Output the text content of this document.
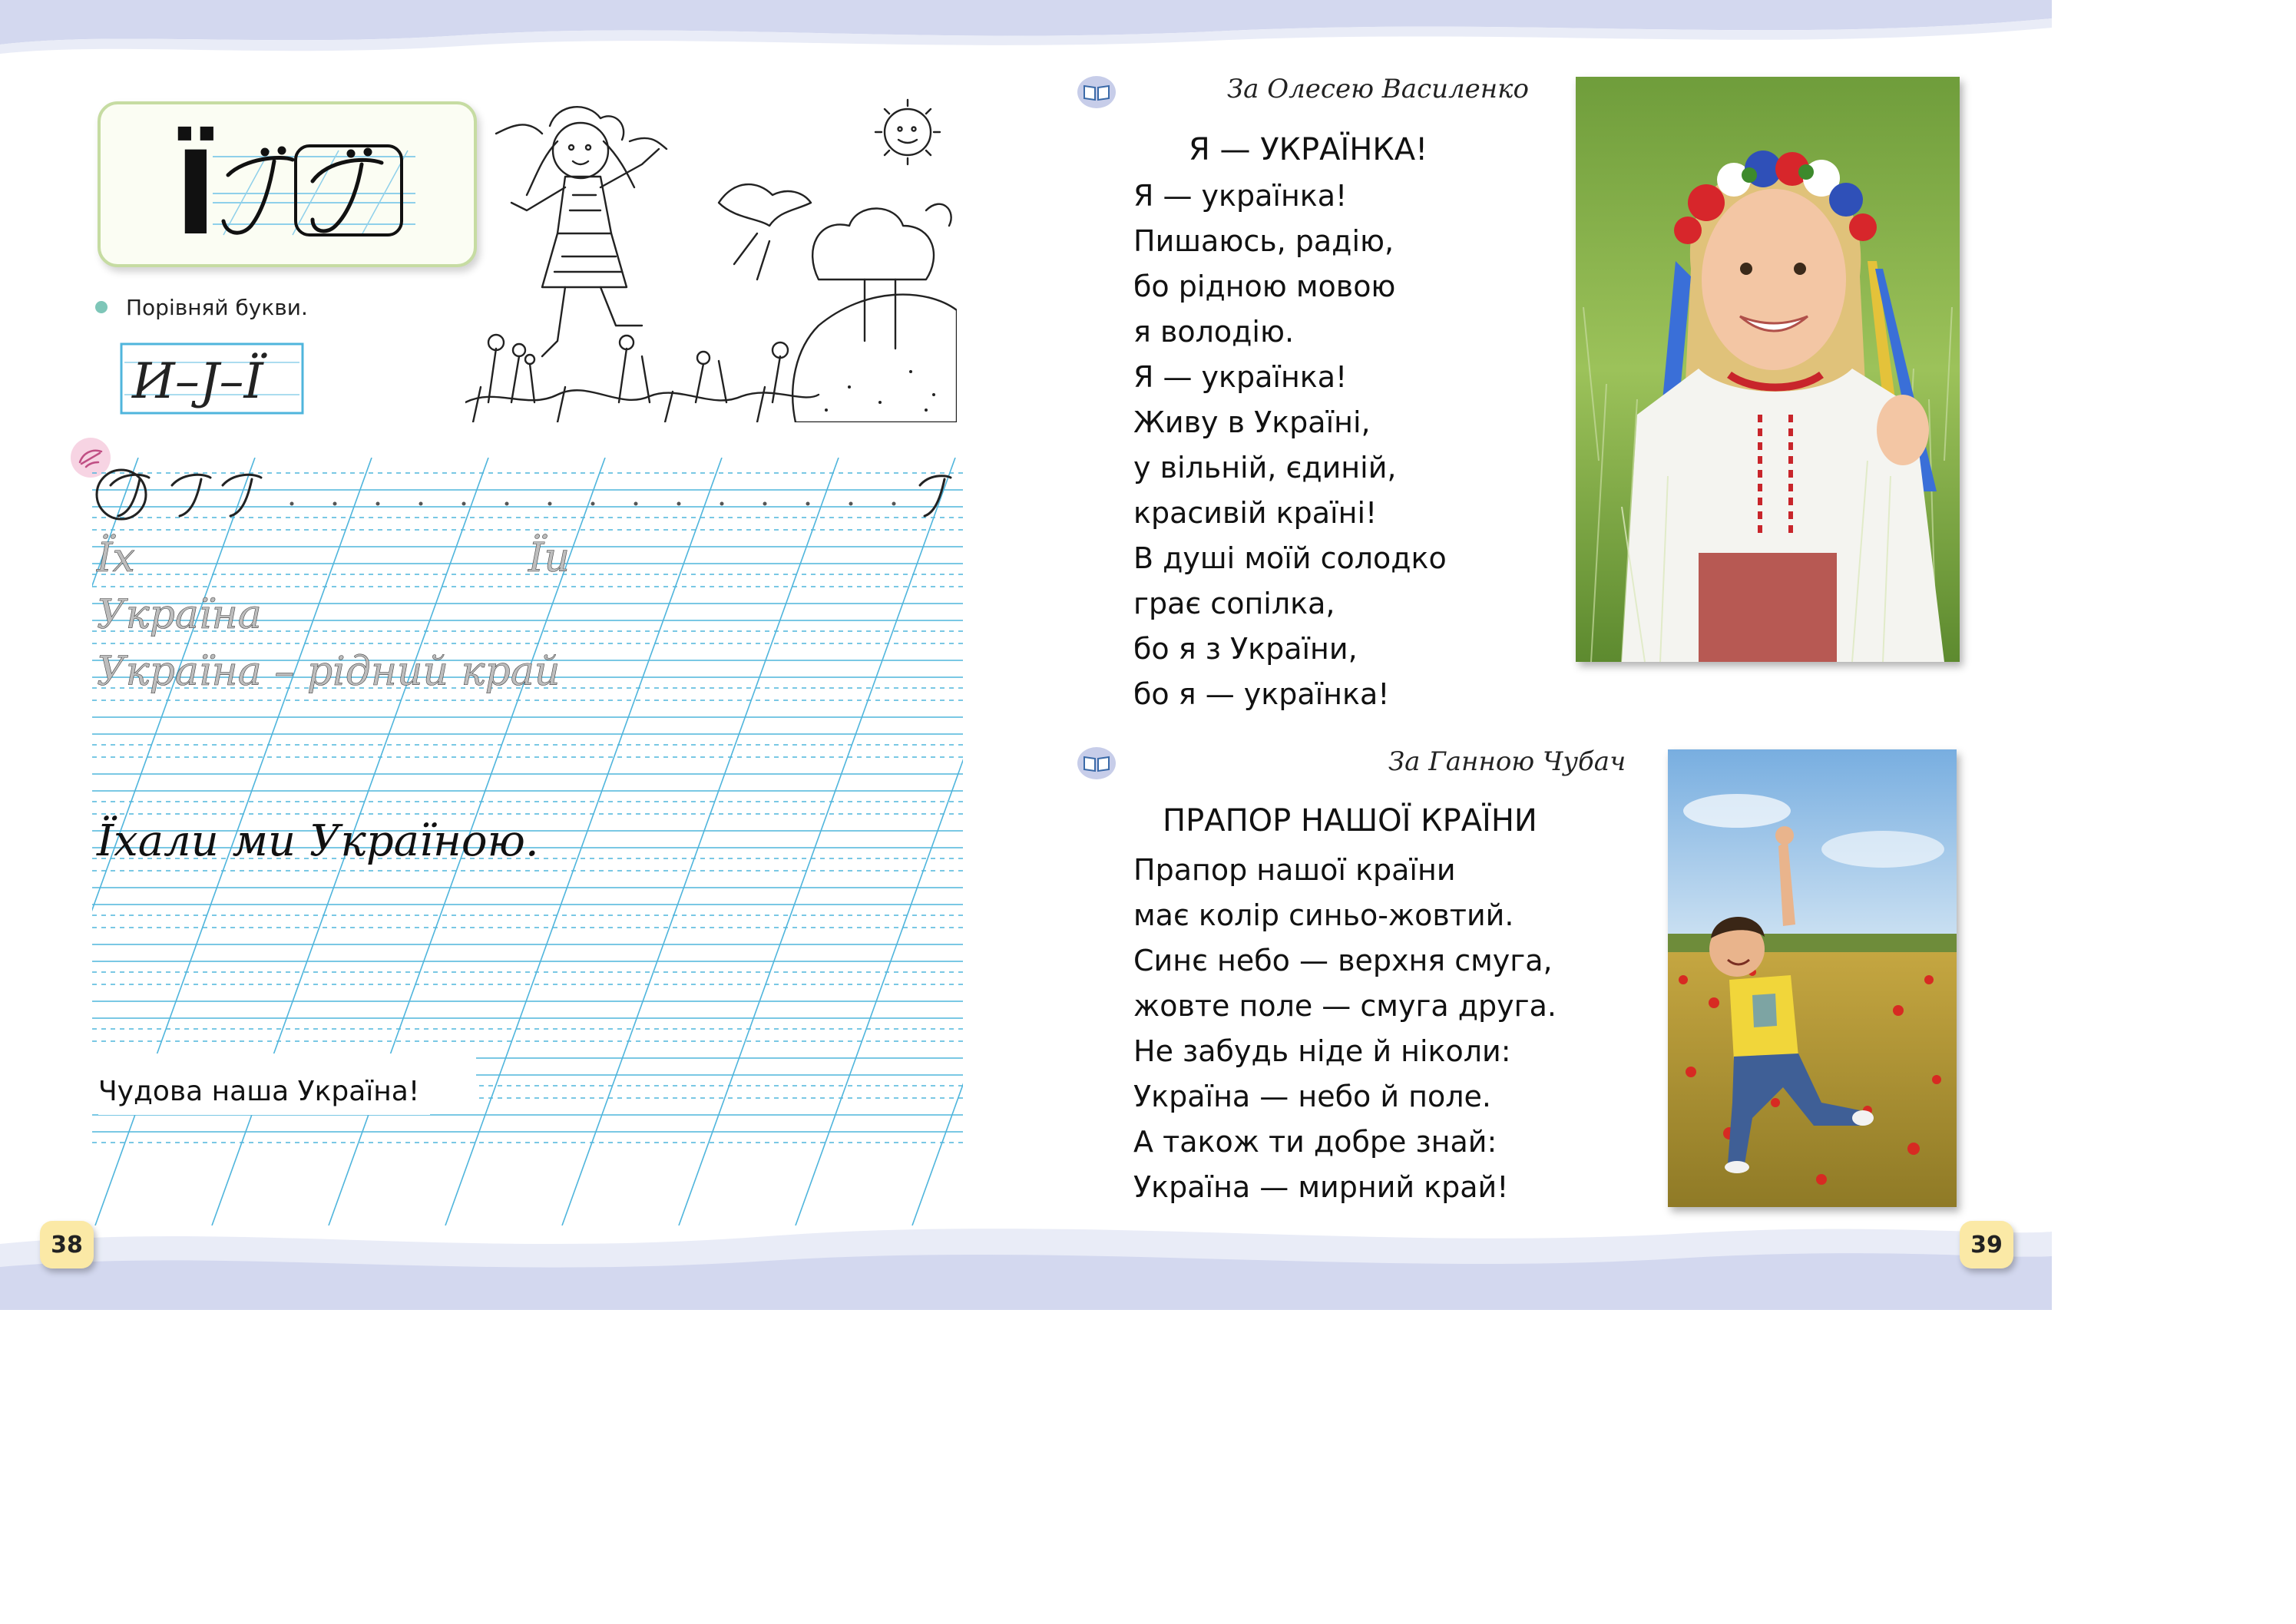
Ї
Порівняй букви.
И–Ј–Ї
Їх	Їи
Україна
Україна – рідний край
Їхали ми Україною.
Чудова наша Україна!
38
За Олесею Василенко
Я — УКРАЇНКА!
Я — українка!
Пишаюсь, радію,
бо рідною мовою
я володію.
Я — українка!
Живу в Україні,
у вільній, єдиній,
красивій країні!
В душі моїй солодко
грає сопілка,
бо я з України,
бо я — українка!
За Ганною Чубач
ПРАПОР НАШОЇ КРАЇНИ
Прапор нашої країни
має колір синьо-жовтий.
Синє небо — верхня смуга,
жовте поле — смуга друга.
Не забудь ніде й ніколи:
Україна — небо й поле.
А також ти добре знай:
Україна — мирний край!
39
